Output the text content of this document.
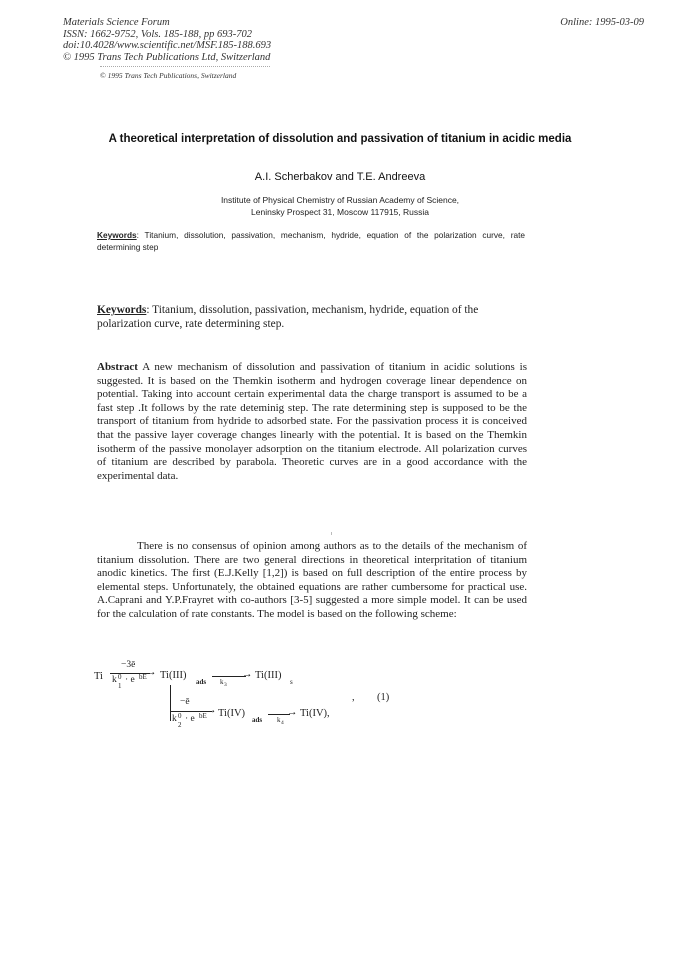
Materials Science Forum
ISSN: 1662-9752, Vols. 185-188, pp 693-702
doi:10.4028/www.scientific.net/MSF.185-188.693
© 1995 Trans Tech Publications Ltd, Switzerland
Online: 1995-03-09
© 1995 Trans Tech Publications, Switzerland
A theoretical interpretation of dissolution and passivation of titanium in acidic media
A.I. Scherbakov and T.E. Andreeva
Institute of Physical Chemistry of Russian Academy of Science,
Leninsky Prospect 31, Moscow 117915, Russia
Keywords: Titanium, dissolution, passivation, mechanism, hydride, equation of the polarization curve, rate determining step
Keywords: Titanium, dissolution, passivation, mechanism, hydride, equation of the polarization curve, rate determining step.
Abstract A new mechanism of dissolution and passivation of titanium in acidic solutions is suggested. It is based on the Themkin isotherm and hydrogen coverage linear dependence on potential. Taking into account certain experimental data the charge transport is assumed to be a fast step .It follows by the rate deteminig step. The rate determining step is supposed to be the transport of titanium from hydride to adsorbed state. For the passivation process it is conceived that the passive layer coverage changes linearly with the potential. It is based on the Themkin isotherm of the passive monolayer adsorption on the titanium electrode. All polarization curves of titanium are described by parabola. Theoretic curves are in a good accordance with the experimental data.
There is no consensus of opinion among authors as to the details of the mechanism of titanium dissolution. There are two general directions in theoretical interpritation of titanium anodic kinetics. The first (E.J.Kelly [1,2]) is based on full description of the entire process by elemental steps. Unfortunately, the obtained equations are rather cumbersome for practical use. A.Caprani and Y.P.Frayret with co-authors [3-5] suggested a more simple model. It can be used for the calculation of rate constants. The model is based on the following scheme:
Ti
−3ē
k
1
0 · e bE → Ti(III)
ads
→
k 3
Ti(III)
s
−ē
k
2
0 · e bE → Ti(IV)
ads
→
k 4
Ti(IV),
, (1)
